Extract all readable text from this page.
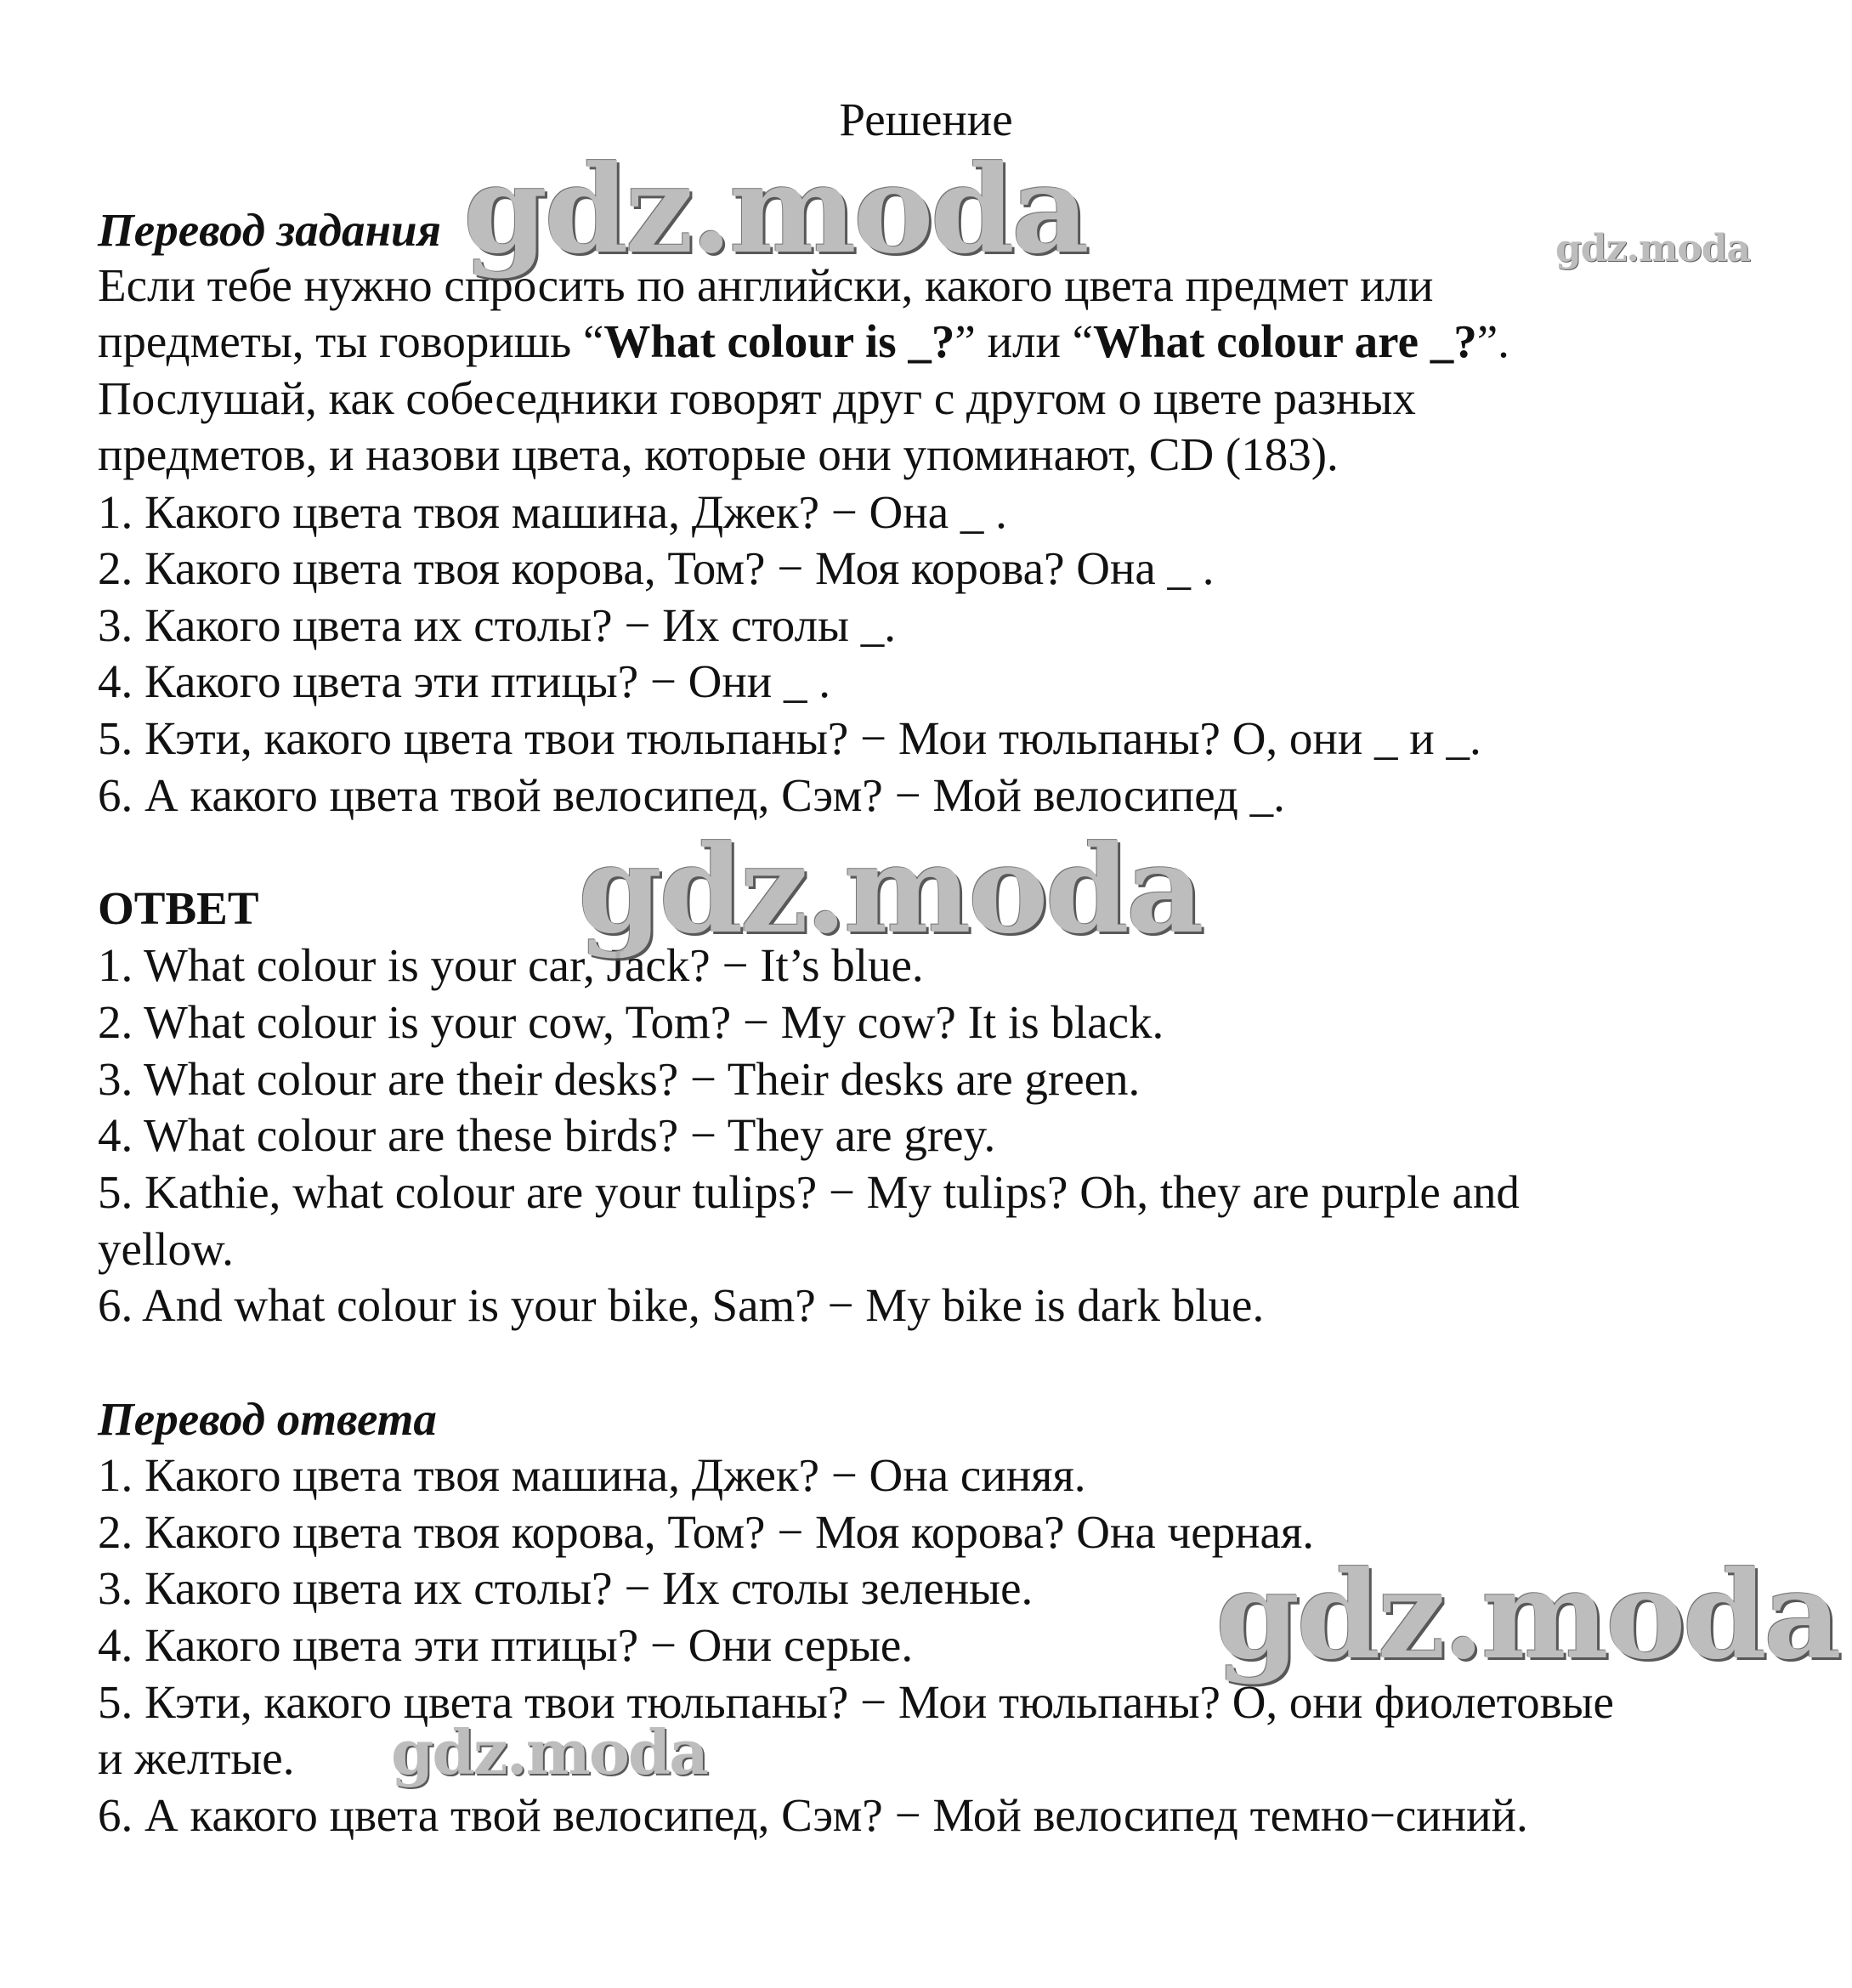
Решение
Перевод задания
Если тебе нужно спросить по английски, какого цвета предмет или
предметы, ты говоришь “What colour is _?” или “What colour are _?”.
Послушай, как собеседники говорят друг с другом о цвете разных
предметов, и назови цвета, которые они упоминают, CD (183).
1. Какого цвета твоя машина, Джек? − Она _ .
2. Какого цвета твоя корова, Том? − Моя корова? Она _ .
3. Какого цвета их столы? − Их столы _.
4. Какого цвета эти птицы? − Они _ .
5. Кэти, какого цвета твои тюльпаны? − Мои тюльпаны? О, они _ и _.
6. А какого цвета твой велосипед, Сэм? − Мой велосипед _.
ОТВЕТ
1. What colour is your car, Jack? − It’s blue.
2. What colour is your cow, Tom? − My cow? It is black.
3. What colour are their desks? − Their desks are green.
4. What colour are these birds? − They are grey.
5. Kathie, what colour are your tulips? − My tulips? Oh, they are purple and
yellow.
6. And what colour is your bike, Sam? − My bike is dark blue.
Перевод ответа
1. Какого цвета твоя машина, Джек? − Она синяя.
2. Какого цвета твоя корова, Том? − Моя корова? Она черная.
3. Какого цвета их столы? − Их столы зеленые.
4. Какого цвета эти птицы? − Они серые.
5. Кэти, какого цвета твои тюльпаны? − Мои тюльпаны? О, они фиолетовые
и желтые.
6. А какого цвета твой велосипед, Сэм? − Мой велосипед темно−синий.
gdz.moda	gdz.moda
gdz.moda
gdz.moda
gdz.moda
